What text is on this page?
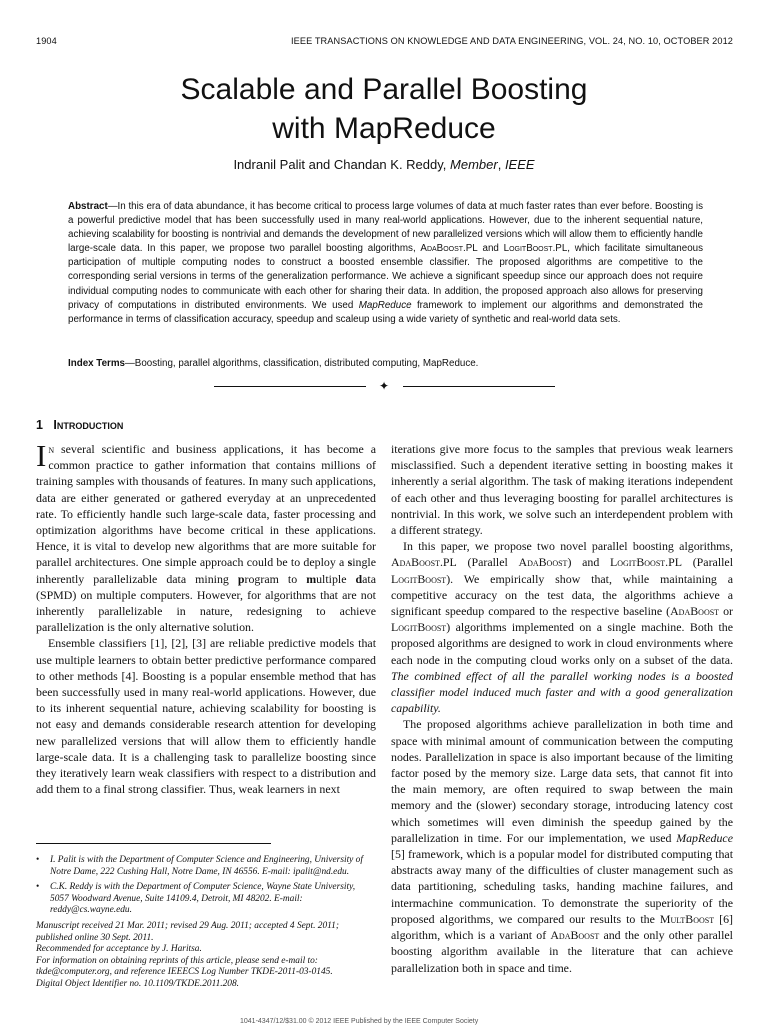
1904	IEEE TRANSACTIONS ON KNOWLEDGE AND DATA ENGINEERING, VOL. 24, NO. 10, OCTOBER 2012
Scalable and Parallel Boosting
with MapReduce
Indranil Palit and Chandan K. Reddy, Member, IEEE
Abstract—In this era of data abundance, it has become critical to process large volumes of data at much faster rates than ever before. Boosting is a powerful predictive model that has been successfully used in many real-world applications. However, due to the inherent sequential nature, achieving scalability for boosting is nontrivial and demands the development of new parallelized versions which will allow them to efficiently handle large-scale data. In this paper, we propose two parallel boosting algorithms, AdaBoost.PL and LogitBoost.PL, which facilitate simultaneous participation of multiple computing nodes to construct a boosted ensemble classifier. The proposed algorithms are competitive to the corresponding serial versions in terms of the generalization performance. We achieve a significant speedup since our approach does not require individual computing nodes to communicate with each other for sharing their data. In addition, the proposed approach also allows for preserving privacy of computations in distributed environments. We used MapReduce framework to implement our algorithms and demonstrated the performance in terms of classification accuracy, speedup and scaleup using a wide variety of synthetic and real-world data sets.
Index Terms—Boosting, parallel algorithms, classification, distributed computing, MapReduce.
✦
1 Introduction

In several scientific and business applications, it has become a common practice to gather information that contains millions of training samples with thousands of features. In many such applications, data are either generated or gathered everyday at an unprecedented rate. To efficiently handle such large-scale data, faster processing and optimization algorithms have become critical in these applications. Hence, it is vital to develop new algorithms that are more suitable for parallel architectures. One simple approach could be to deploy a single inherently parallelizable data mining program to multiple data (SPMD) on multiple computers. However, for algorithms that are not inherently parallelizable in nature, redesigning to achieve parallelization is the only alternative solution.

Ensemble classifiers [1], [2], [3] are reliable predictive models that use multiple learners to obtain better predictive performance compared to other methods [4]. Boosting is a popular ensemble method that has been successfully used in many real-world applications. However, due to its inherent sequential nature, achieving scalability for boosting is not easy and demands considerable research attention for developing new parallelized versions that will allow them to efficiently handle large-scale data. It is a challenging task to parallelize boosting since they iteratively learn weak classifiers with respect to a distribution and add them to a final strong classifier. Thus, weak learners in next

iterations give more focus to the samples that previous weak learners misclassified. Such a dependent iterative setting in boosting makes it inherently a serial algorithm. The task of making iterations independent of each other and thus leveraging boosting for parallel architectures is nontrivial. In this work, we solve such an interdependent problem with a different strategy.

In this paper, we propose two novel parallel boosting algorithms, AdaBoost.PL (Parallel AdaBoost) and LogitBoost.PL (Parallel LogitBoost). We empirically show that, while maintaining a competitive accuracy on the test data, the algorithms achieve a significant speedup compared to the respective baseline (AdaBoost or LogitBoost) algorithms implemented on a single machine. Both the proposed algorithms are designed to work in cloud environments where each node in the computing cloud works only on a subset of the data. The combined effect of all the parallel working nodes is a boosted classifier model induced much faster and with a good generalization capability.

The proposed algorithms achieve parallelization in both time and space with minimal amount of communication between the computing nodes. Parallelization in space is also important because of the limiting factor posed by the memory size. Large data sets, that cannot fit into the main memory, are often required to swap between the main memory and the (slower) secondary storage, introducing latency cost which sometimes will even diminish the speedup gained by the parallelization in time. For our implementation, we used MapReduce [5] framework, which is a popular model for distributed computing that abstracts away many of the difficulties of cluster management such as data partitioning, scheduling tasks, handing machine failures, and intermachine communication. To demonstrate the superiority of the proposed algorithms, we compared our results to the MultBoost [6] algorithm, which is a variant of AdaBoost and the only other parallel boosting algorithm available in the literature that can achieve parallelization both in space and time.

• I. Palit is with the Department of Computer Science and Engineering, University of Notre Dame, 222 Cushing Hall, Notre Dame, IN 46556. E-mail: ipalit@nd.edu.
• C.K. Reddy is with the Department of Computer Science, Wayne State University, 5057 Woodward Avenue, Suite 14109.4, Detroit, MI 48202. E-mail: reddy@cs.wayne.edu.
Manuscript received 21 Mar. 2011; revised 29 Aug. 2011; accepted 4 Sept. 2011; published online 30 Sept. 2011.
Recommended for acceptance by J. Haritsa.
For information on obtaining reprints of this article, please send e-mail to: tkde@computer.org, and reference IEEECS Log Number TKDE-2011-03-0145.
Digital Object Identifier no. 10.1109/TKDE.2011.208.
1041-4347/12/$31.00 © 2012 IEEE Published by the IEEE Computer Society
